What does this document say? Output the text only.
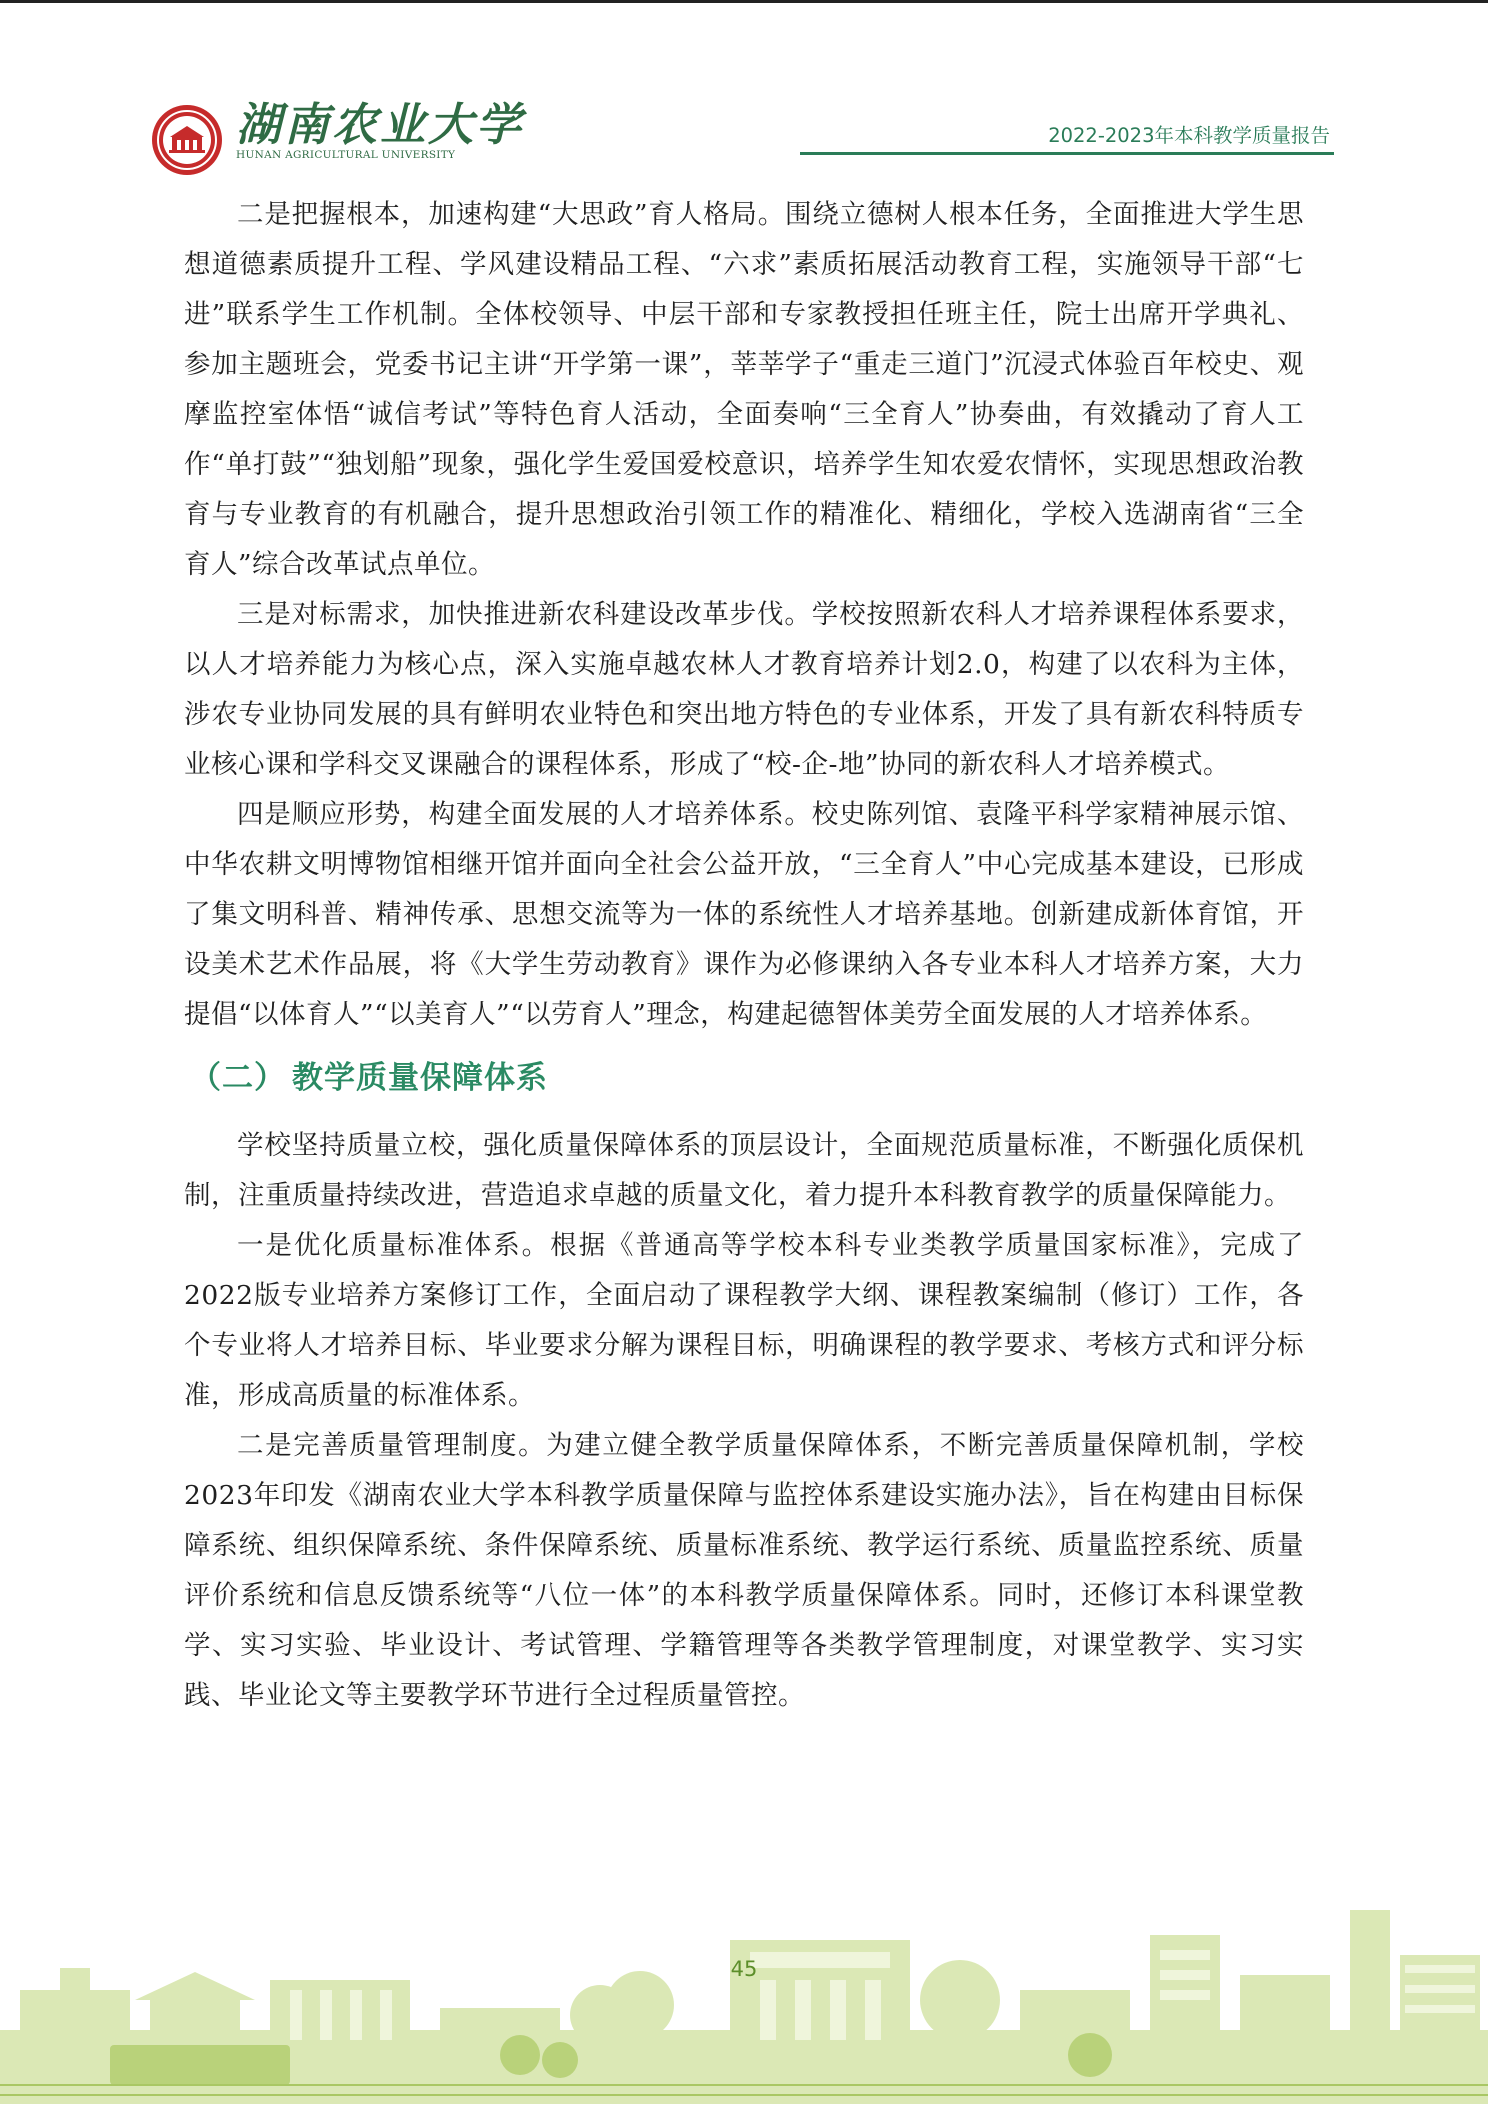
湖南农业大学
HUNAN AGRICULTURAL UNIVERSITY
2022-2023年本科教学质量报告

二是把握根本，加速构建“大思政”育人格局。围绕立德树人根本任务，全面推进大学生思想道德素质提升工程、学风建设精品工程、“六求”素质拓展活动教育工程，实施领导干部“七进”联系学生工作机制。全体校领导、中层干部和专家教授担任班主任，院士出席开学典礼、参加主题班会，党委书记主讲“开学第一课”，莘莘学子“重走三道门”沉浸式体验百年校史、观摩监控室体悟“诚信考试”等特色育人活动，全面奏响“三全育人”协奏曲，有效撬动了育人工作“单打鼓”“独划船”现象，强化学生爱国爱校意识，培养学生知农爱农情怀，实现思想政治教育与专业教育的有机融合，提升思想政治引领工作的精准化、精细化，学校入选湖南省“三全育人”综合改革试点单位。

三是对标需求，加快推进新农科建设改革步伐。学校按照新农科人才培养课程体系要求，以人才培养能力为核心点，深入实施卓越农林人才教育培养计划2.0，构建了以农科为主体，涉农专业协同发展的具有鲜明农业特色和突出地方特色的专业体系，开发了具有新农科特质专业核心课和学科交叉课融合的课程体系，形成了“校-企-地”协同的新农科人才培养模式。

四是顺应形势，构建全面发展的人才培养体系。校史陈列馆、袁隆平科学家精神展示馆、中华农耕文明博物馆相继开馆并面向全社会公益开放，“三全育人”中心完成基本建设，已形成了集文明科普、精神传承、思想交流等为一体的系统性人才培养基地。创新建成新体育馆，开设美术艺术作品展，将《大学生劳动教育》课作为必修课纳入各专业本科人才培养方案，大力提倡“以体育人”“以美育人”“以劳育人”理念，构建起德智体美劳全面发展的人才培养体系。

（二） 教学质量保障体系

学校坚持质量立校，强化质量保障体系的顶层设计，全面规范质量标准，不断强化质保机制，注重质量持续改进，营造追求卓越的质量文化，着力提升本科教育教学的质量保障能力。

一是优化质量标准体系。根据《普通高等学校本科专业类教学质量国家标准》，完成了2022版专业培养方案修订工作，全面启动了课程教学大纲、课程教案编制（修订）工作，各个专业将人才培养目标、毕业要求分解为课程目标，明确课程的教学要求、考核方式和评分标准，形成高质量的标准体系。

二是完善质量管理制度。为建立健全教学质量保障体系，不断完善质量保障机制，学校2023年印发《湖南农业大学本科教学质量保障与监控体系建设实施办法》，旨在构建由目标保障系统、组织保障系统、条件保障系统、质量标准系统、教学运行系统、质量监控系统、质量评价系统和信息反馈系统等“八位一体”的本科教学质量保障体系。同时，还修订本科课堂教学、实习实验、毕业设计、考试管理、学籍管理等各类教学管理制度，对课堂教学、实习实践、毕业论文等主要教学环节进行全过程质量管控。

45
